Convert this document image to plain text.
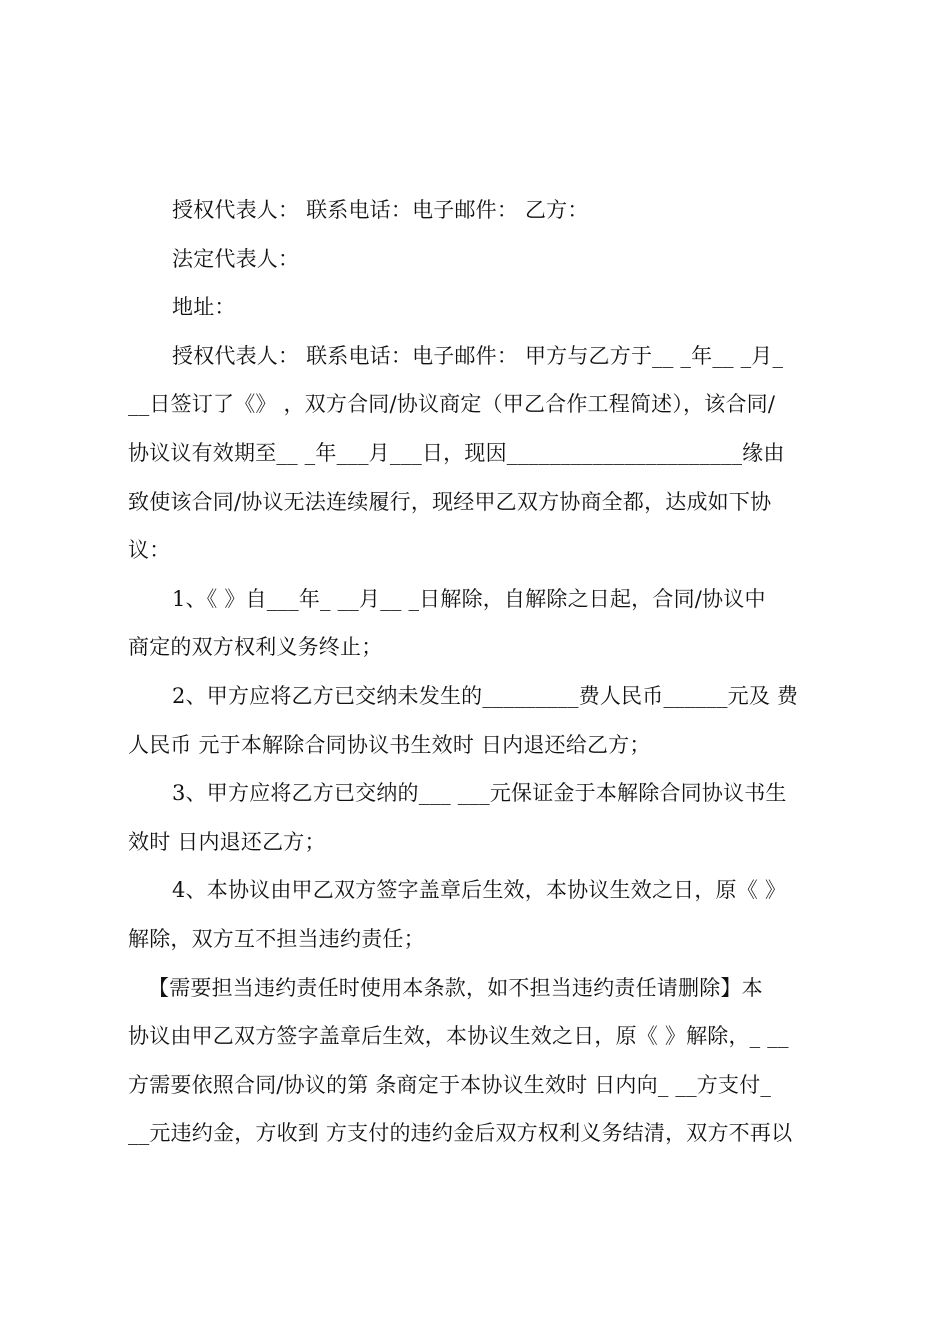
授权代表人： 联系电话：电子邮件： 乙方：

法定代表人：

地址：

授权代表人： 联系电话：电子邮件： 甲方与乙方于__ _年__ _月_
__日签订了《》 ，双方合同/协议商定（甲乙合作工程简述），该合同/
协议议有效期至__ _年___月___日，现因______________________缘由
致使该合同/协议无法连续履行，现经甲乙双方协商全都，达成如下协
议：

1、《 》自___年_ __月__ _日解除，自解除之日起，合同/协议中
商定的双方权利义务终止；

2、甲方应将乙方已交纳未发生的_________费人民币______元及 费
人民币 元于本解除合同协议书生效时 日内退还给乙方；

3、甲方应将乙方已交纳的___ ___元保证金于本解除合同协议书生
效时 日内退还乙方；

4、本协议由甲乙双方签字盖章后生效，本协议生效之日，原《 》
解除，双方互不担当违约责任；

【需要担当违约责任时使用本条款，如不担当违约责任请删除】本
协议由甲乙双方签字盖章后生效，本协议生效之日，原《 》解除，_ __
方需要依照合同/协议的第 条商定于本协议生效时 日内向_ __方支付_
__元违约金，方收到 方支付的违约金后双方权利义务结清，双方不再以
